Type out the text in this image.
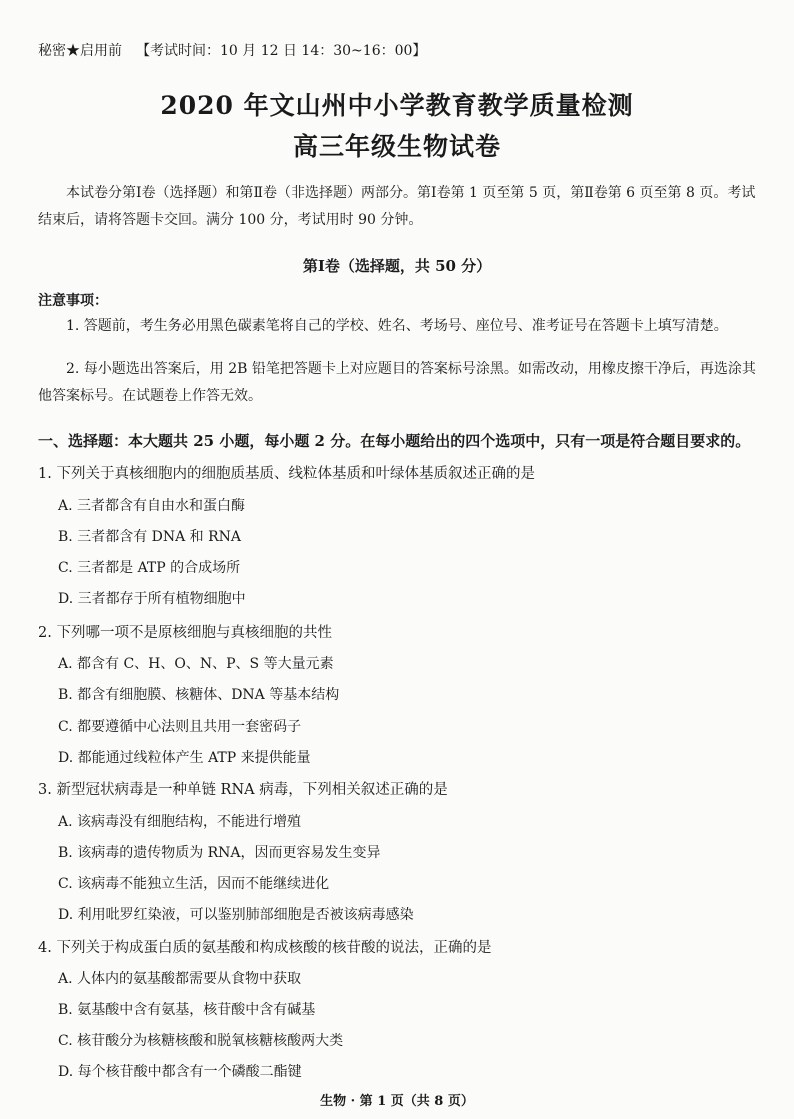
秘密★启用前 【考试时间：10 月 12 日 14：30~16：00】
2020 年文山州中小学教育教学质量检测
高三年级生物试卷
本试卷分第Ⅰ卷（选择题）和第Ⅱ卷（非选择题）两部分。第Ⅰ卷第 1 页至第 5 页，第Ⅱ卷第 6 页至第 8 页。考试结束后，请将答题卡交回。满分 100 分，考试用时 90 分钟。
第Ⅰ卷（选择题，共 50 分）
注意事项：
1. 答题前，考生务必用黑色碳素笔将自己的学校、姓名、考场号、座位号、准考证号在答题卡上填写清楚。
2. 每小题选出答案后，用 2B 铅笔把答题卡上对应题目的答案标号涂黑。如需改动，用橡皮擦干净后，再选涂其他答案标号。在试题卷上作答无效。
一、选择题：本大题共 25 小题，每小题 2 分。在每小题给出的四个选项中，只有一项是符合题目要求的。
1. 下列关于真核细胞内的细胞质基质、线粒体基质和叶绿体基质叙述正确的是
A. 三者都含有自由水和蛋白酶
B. 三者都含有 DNA 和 RNA
C. 三者都是 ATP 的合成场所
D. 三者都存于所有植物细胞中
2. 下列哪一项不是原核细胞与真核细胞的共性
A. 都含有 C、H、O、N、P、S 等大量元素
B. 都含有细胞膜、核糖体、DNA 等基本结构
C. 都要遵循中心法则且共用一套密码子
D. 都能通过线粒体产生 ATP 来提供能量
3. 新型冠状病毒是一种单链 RNA 病毒，下列相关叙述正确的是
A. 该病毒没有细胞结构，不能进行增殖
B. 该病毒的遗传物质为 RNA，因而更容易发生变异
C. 该病毒不能独立生活，因而不能继续进化
D. 利用吡罗红染液，可以鉴别肺部细胞是否被该病毒感染
4. 下列关于构成蛋白质的氨基酸和构成核酸的核苷酸的说法，正确的是
A. 人体内的氨基酸都需要从食物中获取
B. 氨基酸中含有氨基，核苷酸中含有碱基
C. 核苷酸分为核糖核酸和脱氧核糖核酸两大类
D. 每个核苷酸中都含有一个磷酸二酯键
生物 · 第 1 页（共 8 页）
